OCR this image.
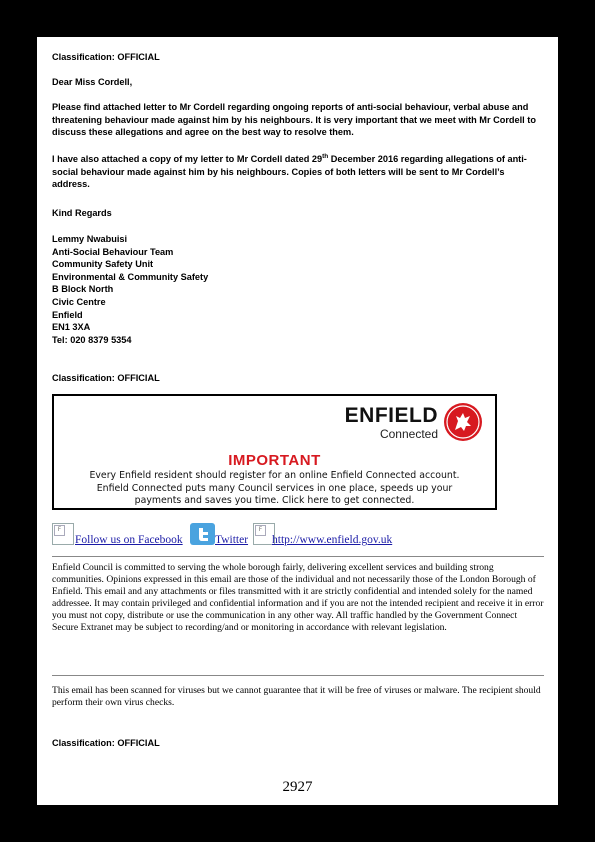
Classification: OFFICIAL
Dear Miss Cordell,

Please find attached letter to Mr Cordell regarding ongoing reports of anti-social behaviour, verbal abuse and threatening behaviour made against him by his neighbours. It is very important that we meet with Mr Cordell to discuss these allegations and agree on the best way to resolve them.

I have also attached a copy of my letter to Mr Cordell dated 29th December 2016 regarding allegations of anti-social behaviour made against him by his neighbours. Copies of both letters will be sent to Mr Cordell’s address.

Kind Regards
Lemmy Nwabuisi
Anti-Social Behaviour Team
Community Safety Unit
Environmental & Community Safety
B Block North
Civic Centre
Enfield
EN1 3XA
Tel: 020 8379 5354
Classification: OFFICIAL
ENFIELD
Connected
IMPORTANT
Every Enfield resident should register for an online Enfield Connected account.
Enfield Connected puts many Council services in one place, speeds up your
payments and saves you time. Click here to get connected.
F
Follow us on Facebook	Twitter
F
http://www.enfield.gov.uk

Enfield Council is committed to serving the whole borough fairly, delivering excellent services and building strong communities. Opinions expressed in this email are those of the individual and not necessarily those of the London Borough of Enfield. This email and any attachments or files transmitted with it are strictly confidential and intended solely for the named addressee. It may contain privileged and confidential information and if you are not the intended recipient and receive it in error you must not copy, distribute or use the communication in any other way. All traffic handled by the Government Connect Secure Extranet may be subject to recording/and or monitoring in accordance with relevant legislation.

This email has been scanned for viruses but we cannot guarantee that it will be free of viruses or malware. The recipient should perform their own virus checks.

Classification: OFFICIAL
2927
